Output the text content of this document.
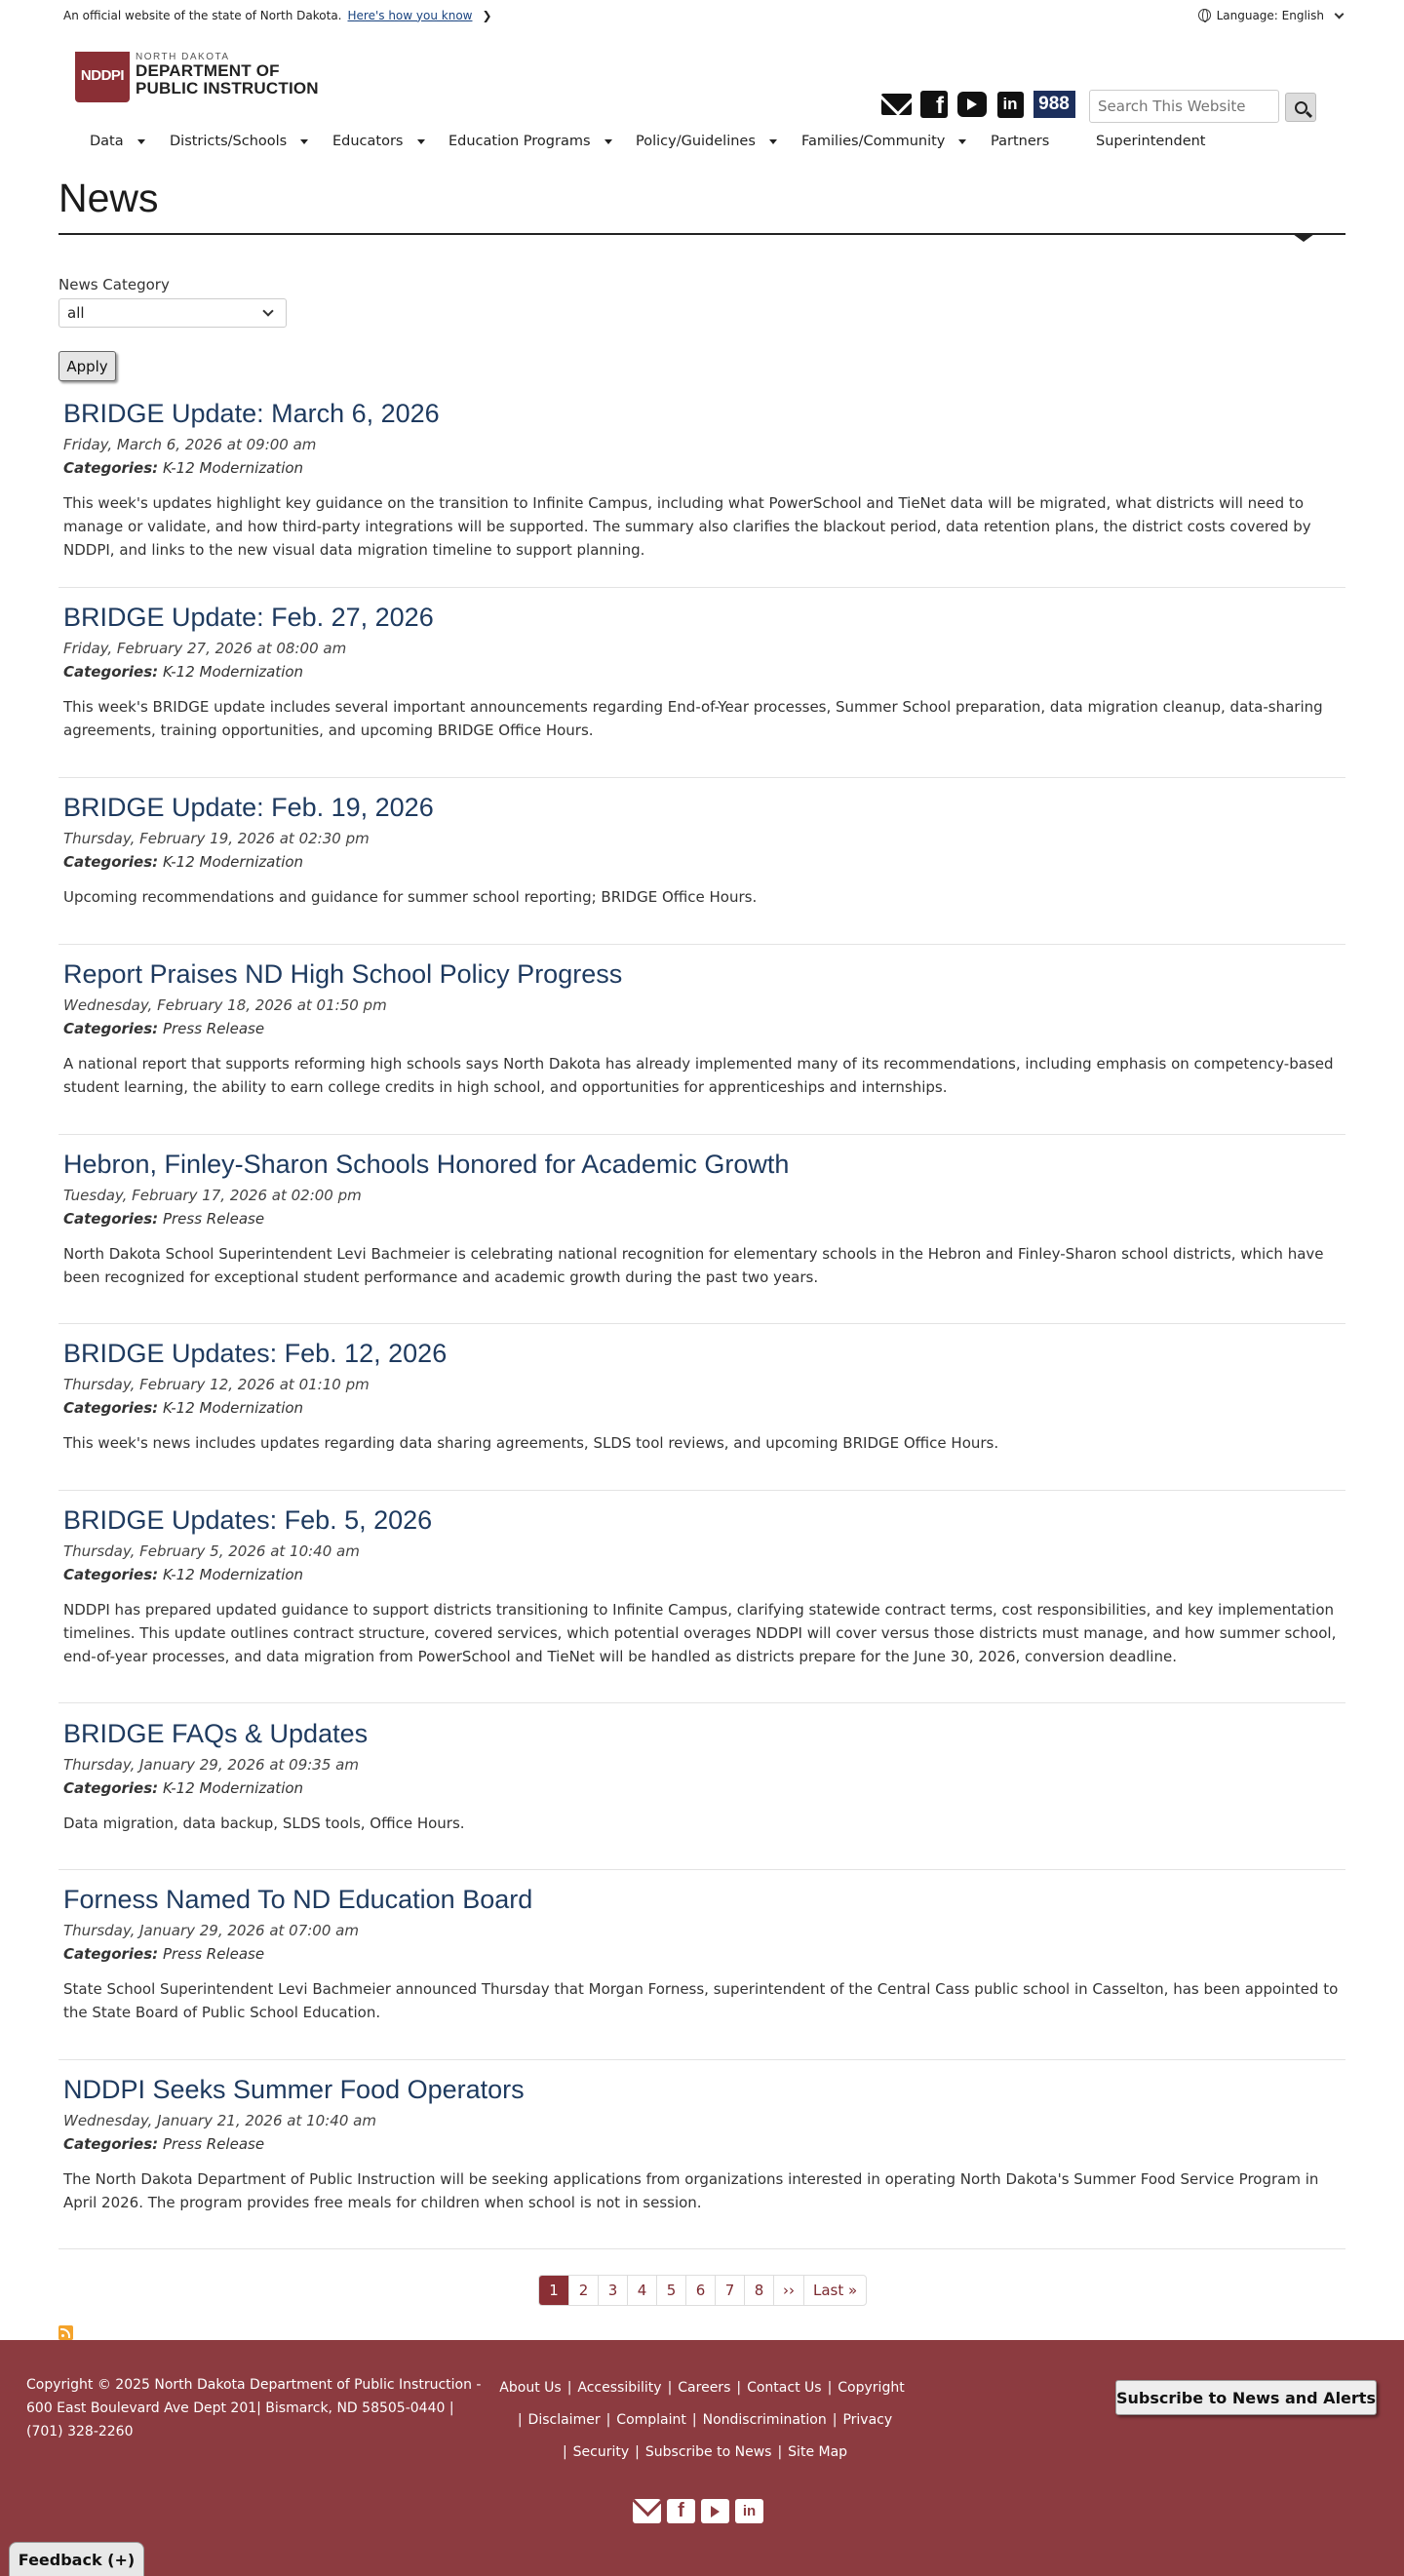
An official website of the state of North Dakota. Here's how you know ❯	Language: English
NDDPI
NORTH DAKOTA
DEPARTMENT OF
PUBLIC INSTRUCTION
f	in	988
Search This Website
Data	Districts/Schools	Educators	Education Programs	Policy/Guidelines	Families/Community	Partners	Superintendent
News
News Category
all
Apply
BRIDGE Update: March 6, 2026
Friday, March 6, 2026 at 09:00 am
Categories: K-12 Modernization
This week's updates highlight key guidance on the transition to Infinite Campus, including what PowerSchool and TieNet data will be migrated, what districts will need to manage or validate, and how third-party integrations will be supported. The summary also clarifies the blackout period, data retention plans, the district costs covered by NDDPI, and links to the new visual data migration timeline to support planning.
BRIDGE Update: Feb. 27, 2026
Friday, February 27, 2026 at 08:00 am
Categories: K-12 Modernization
This week's BRIDGE update includes several important announcements regarding End-of-Year processes, Summer School preparation, data migration cleanup, data-sharing agreements, training opportunities, and upcoming BRIDGE Office Hours.
BRIDGE Update: Feb. 19, 2026
Thursday, February 19, 2026 at 02:30 pm
Categories: K-12 Modernization
Upcoming recommendations and guidance for summer school reporting; BRIDGE Office Hours.
Report Praises ND High School Policy Progress
Wednesday, February 18, 2026 at 01:50 pm
Categories: Press Release
A national report that supports reforming high schools says North Dakota has already implemented many of its recommendations, including emphasis on competency-based student learning, the ability to earn college credits in high school, and opportunities for apprenticeships and internships.
Hebron, Finley-Sharon Schools Honored for Academic Growth
Tuesday, February 17, 2026 at 02:00 pm
Categories: Press Release
North Dakota School Superintendent Levi Bachmeier is celebrating national recognition for elementary schools in the Hebron and Finley-Sharon school districts, which have been recognized for exceptional student performance and academic growth during the past two years.
BRIDGE Updates: Feb. 12, 2026
Thursday, February 12, 2026 at 01:10 pm
Categories: K-12 Modernization
This week's news includes updates regarding data sharing agreements, SLDS tool reviews, and upcoming BRIDGE Office Hours.
BRIDGE Updates: Feb. 5, 2026
Thursday, February 5, 2026 at 10:40 am
Categories: K-12 Modernization
NDDPI has prepared updated guidance to support districts transitioning to Infinite Campus, clarifying statewide contract terms, cost responsibilities, and key implementation timelines. This update outlines contract structure, covered services, which potential overages NDDPI will cover versus those districts must manage, and how summer school, end-of-year processes, and data migration from PowerSchool and TieNet will be handled as districts prepare for the June 30, 2026, conversion deadline.
BRIDGE FAQs & Updates
Thursday, January 29, 2026 at 09:35 am
Categories: K-12 Modernization
Data migration, data backup, SLDS tools, Office Hours.
Forness Named To ND Education Board
Thursday, January 29, 2026 at 07:00 am
Categories: Press Release
State School Superintendent Levi Bachmeier announced Thursday that Morgan Forness, superintendent of the Central Cass public school in Casselton, has been appointed to the State Board of Public School Education.
NDDPI Seeks Summer Food Operators
Wednesday, January 21, 2026 at 10:40 am
Categories: Press Release
The North Dakota Department of Public Instruction will be seeking applications from organizations interested in operating North Dakota's Summer Food Service Program in April 2026. The program provides free meals for children when school is not in session.
1	2	3	4	5	6	7	8	››	Last »
Copyright © 2025 North Dakota Department of Public Instruction - 600 East Boulevard Ave Dept 201| Bismarck, ND 58505-0440 | (701) 328-2260
About Us | Accessibility | Careers | Contact Us | Copyright
| Disclaimer | Complaint | Nondiscrimination | Privacy
| Security | Subscribe to News | Site Map
Subscribe to News and Alerts
f	in
Feedback (+)
